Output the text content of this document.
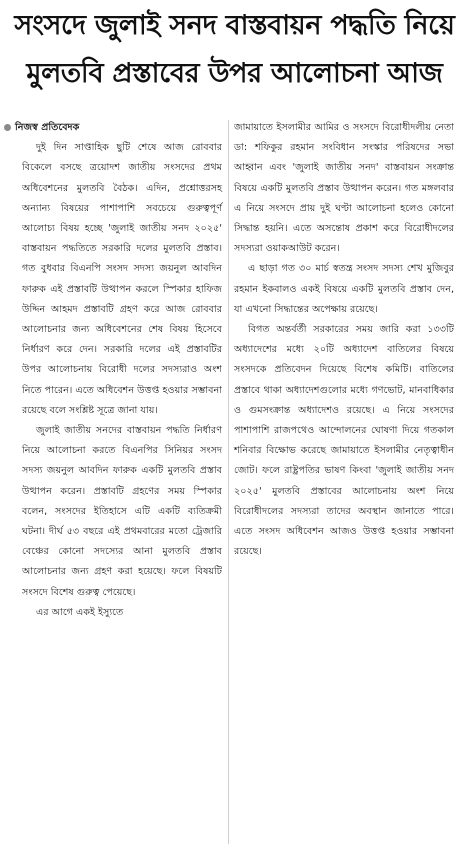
সংসদে জুলাই সনদ বাস্তবায়ন পদ্ধতি নিয়ে মুলতবি প্রস্তাবের উপর আলোচনা আজ
নিজস্ব প্রতিবেদক

দুই দিন সাপ্তাহিক ছুটি শেষে আজ রোববার বিকেলে বসছে ত্রয়োদশ জাতীয় সংসদের প্রথম অধিবেশনের মুলতবি বৈঠক। এদিন, প্রশ্নোত্তরসহ অন্যান্য বিষয়ের পাশাপাশি সবচেয়ে গুরুত্বপূর্ণ আলোচ্য বিষয় হচ্ছে 'জুলাই জাতীয় সনদ ২০২৫' বাস্তবায়ন পদ্ধতিতে সরকারি দলের মুলতবি প্রস্তাব। গত বুধবার বিএনপি সংসদ সদস্য জয়নুল আবদিন ফারুক এই প্রস্তাবটি উত্থাপন করলে স্পিকার হাফিজ উদ্দিন আহমদ প্রস্তাবটি গ্রহণ করে আজ রোববার আলোচনার জন্য অধিবেশনের শেষ বিষয় হিসেবে নির্ধারণ করে দেন। সরকারি দলের এই প্রস্তাবটির উপর আলোচনায় বিরোধী দলের সদস্যরাও অংশ নিতে পারেন। এতে অধিবেশন উত্তপ্ত হওয়ার সম্ভাবনা রয়েছে বলে সংশ্লিষ্ট সূত্রে জানা যায়।

জুলাই জাতীয় সনদের বাস্তবায়ন পদ্ধতি নির্ধারণ নিয়ে আলোচনা করতে বিএনপির সিনিয়র সংসদ সদস্য জয়নুল আবদিন ফারুক একটি মুলতবি প্রস্তাব উত্থাপন করেন। প্রস্তাবটি গ্রহণের সময় স্পিকার বলেন, সংসদের ইতিহাসে এটি একটি ব্যতিক্রমী ঘটনা। দীর্ঘ ৫৩ বছরে এই প্রথমবারের মতো ট্রেজারি বেঞ্চের কোনো সদস্যের আনা মুলতবি প্রস্তাব আলোচনার জন্য গ্রহণ করা হয়েছে। ফলে বিষয়টি সংসদে বিশেষ গুরুত্ব পেয়েছে।

এর আগে একই ইস্যুতে

জামায়াতে ইসলামীর আমির ও সংসদে বিরোধীদলীয় নেতা ডা: শফিকুর রহমান সংবিধান সংস্কার পরিষদের সভা আহ্বান এবং 'জুলাই জাতীয় সনদ' বাস্তবায়ন সংক্রান্ত বিষয়ে একটি মুলতবি প্রস্তাব উত্থাপন করেন। গত মঙ্গলবার এ নিয়ে সংসদে প্রায় দুই ঘণ্টা আলোচনা হলেও কোনো সিদ্ধান্ত হয়নি। এতে অসন্তোষ প্রকাশ করে বিরোধীদলের সদস্যরা ওয়াকআউট করেন।

এ ছাড়া গত ৩০ মার্চ স্বতন্ত্র সংসদ সদস্য শেখ মুজিবুর রহমান ইকবালও একই বিষয়ে একটি মুলতবি প্রস্তাব দেন, যা এখনো সিদ্ধান্তের অপেক্ষায় রয়েছে।

বিগত অন্তর্বর্তী সরকারের সময় জারি করা ১৩৩টি অধ্যাদেশের মধ্যে ২০টি অধ্যাদেশ বাতিলের বিষয়ে সংসদকে প্রতিবেদন দিয়েছে বিশেষ কমিটি। বাতিলের প্রস্তাবে থাকা অধ্যাদেশগুলোর মধ্যে গণভোট, মানবাধিকার ও গুমসংক্রান্ত অধ্যাদেশও রয়েছে। এ নিয়ে সংসদের পাশাপাশি রাজপথেও আন্দোলনের ঘোষণা দিয়ে গতকাল শনিবার বিক্ষোভ করেছে জামায়াতে ইসলামীর নেতৃত্বাধীন জোট। ফলে রাষ্ট্রপতির ভাষণ কিংবা 'জুলাই জাতীয় সনদ ২০২৫' মুলতবি প্রস্তাবের আলোচনায় অংশ নিয়ে বিরোধীদলের সদস্যরা তাদের অবস্থান জানাতে পারে। এতে সংসদ অধিবেশন আজও উত্তপ্ত হওয়ার সম্ভাবনা রয়েছে।
